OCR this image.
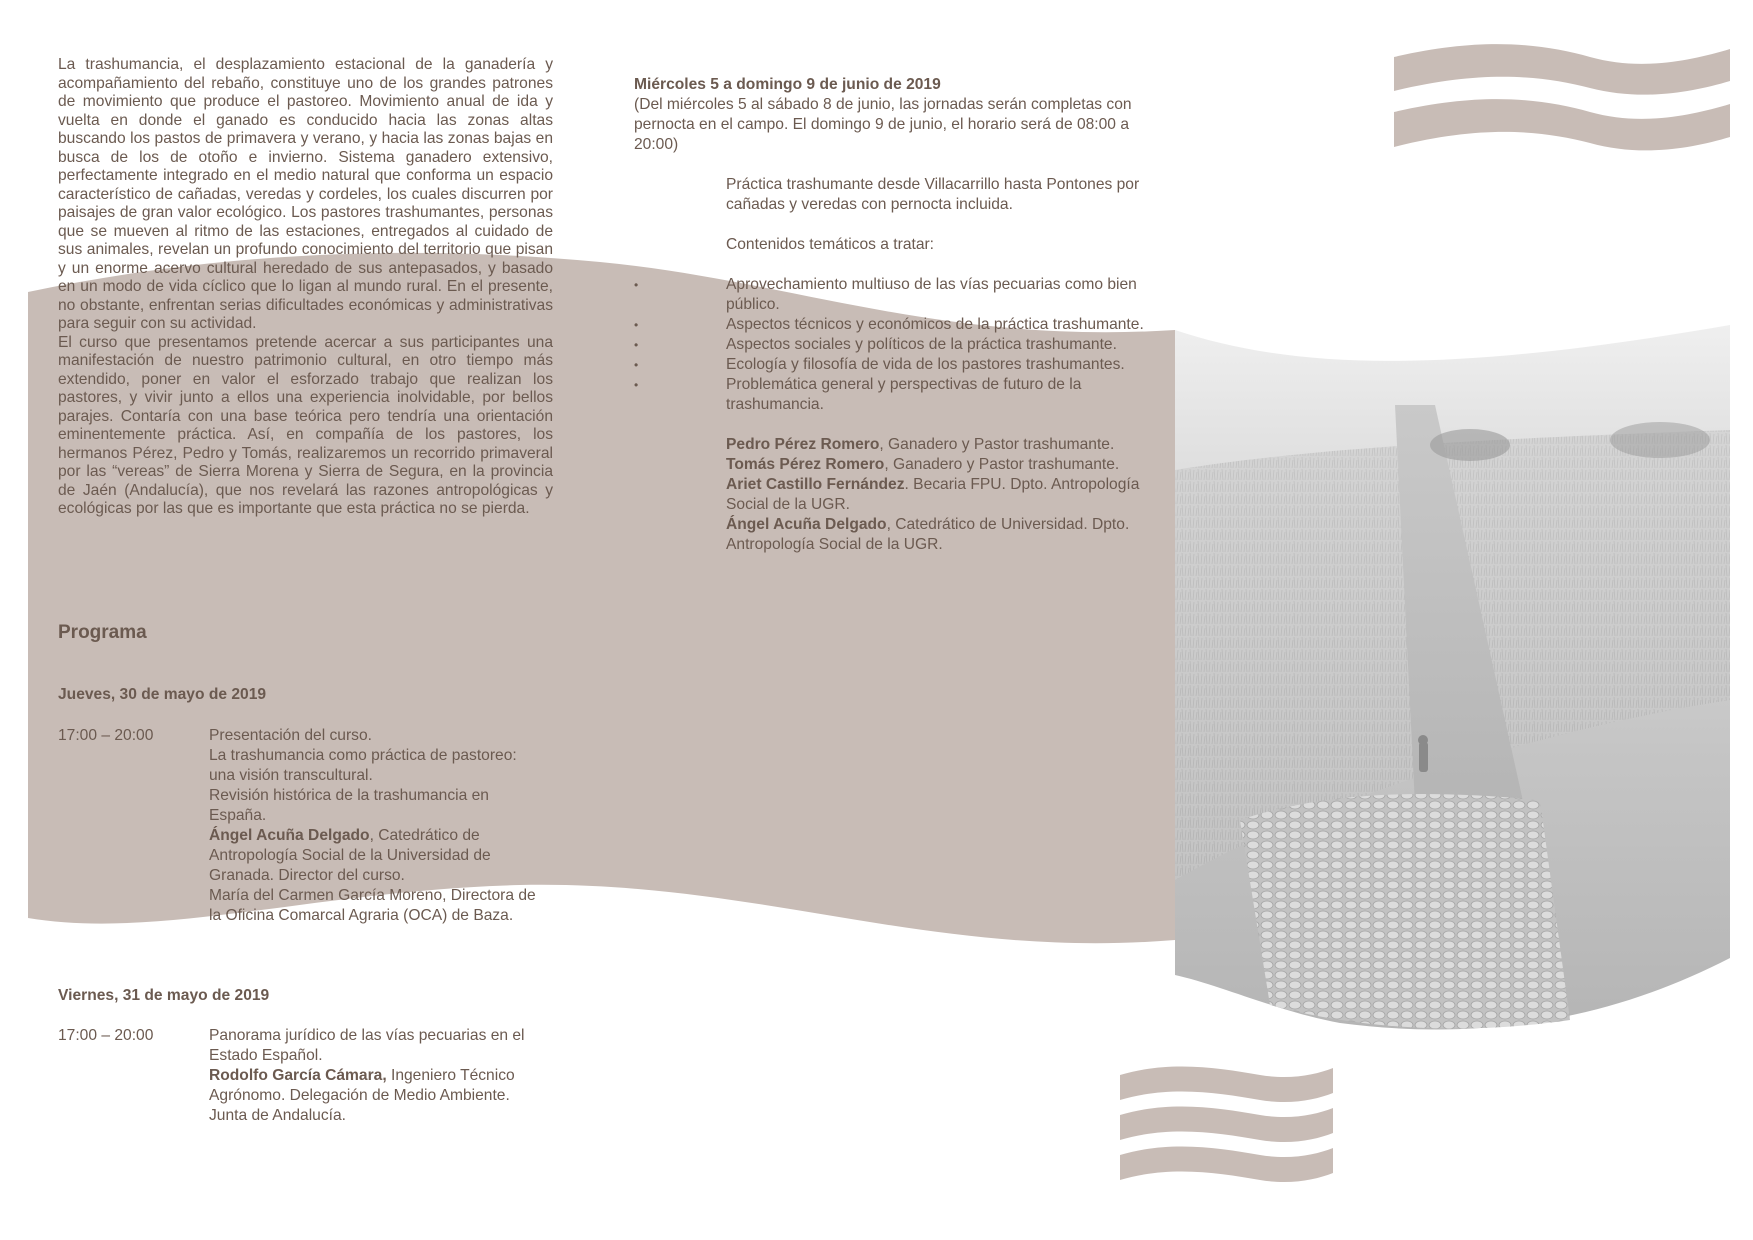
La trashumancia, el desplazamiento estacional de la ganadería y acompañamiento del rebaño, constituye uno de los grandes patrones de movimiento que produce el pastoreo. Movimiento anual de ida y vuelta en donde el ganado es conducido hacia las zonas altas buscando los pastos de primavera y verano, y hacia las zonas bajas en busca de los de otoño e invierno. Sistema ganadero extensivo, perfectamente integrado en el medio natural que conforma un espacio característico de cañadas, veredas y cordeles, los cuales discurren por paisajes de gran valor ecológico. Los pastores trashumantes, personas que se mueven al ritmo de las estaciones, entregados al cuidado de sus animales, revelan un profundo conocimiento del territorio que pisan y un enorme acervo cultural heredado de sus antepasados, y basado en un modo de vida cíclico que lo ligan al mundo rural. En el presente, no obstante, enfrentan serias dificultades económicas y administrativas para seguir con su actividad.

El curso que presentamos pretende acercar a sus participantes una manifestación de nuestro patrimonio cultural, en otro tiempo más extendido, poner en valor el esforzado trabajo que realizan los pastores, y vivir junto a ellos una experiencia inolvidable, por bellos parajes. Contaría con una base teórica pero tendría una orientación eminentemente práctica. Así, en compañía de los pastores, los hermanos Pérez, Pedro y Tomás, realizaremos un recorrido primaveral por las “vereas” de Sierra Morena y Sierra de Segura, en la provincia de Jaén (Andalucía), que nos revelará las razones antropológicas y ecológicas por las que es importante que esta práctica no se pierda.

Programa
Jueves, 30 de mayo de 2019
17:00 – 20:00	Presentación del curso.
La trashumancia como práctica de pastoreo: una visión transcultural.
Revisión histórica de la trashumancia en España.
Ángel Acuña Delgado, Catedrático de Antropología Social de la Universidad de Granada. Director del curso.
María del Carmen García Moreno, Directora de la Oficina Comarcal Agraria (OCA) de Baza.
Viernes, 31 de mayo de 2019
17:00 – 20:00	Panorama jurídico de las vías pecuarias en el Estado Español.
Rodolfo García Cámara, Ingeniero Técnico Agrónomo. Delegación de Medio Ambiente. Junta de Andalucía.
Miércoles 5 a domingo 9 de junio de 2019
(Del miércoles 5 al sábado 8 de junio, las jornadas serán completas con pernocta en el campo. El domingo 9 de junio, el horario será de 08:00 a 20:00)
Práctica trashumante desde Villacarrillo hasta Pontones por cañadas y veredas con pernocta incluida.
Contenidos temáticos a tratar:
•	Aprovechamiento multiuso de las vías pecuarias como bien público.
•	Aspectos técnicos y económicos de la práctica trashumante.
•	Aspectos sociales y políticos de la práctica trashumante.
•	Ecología y filosofía de vida de los pastores trashumantes.
•	Problemática general y perspectivas de futuro de la trashumancia.
Pedro Pérez Romero, Ganadero y Pastor trashumante.
Tomás Pérez Romero, Ganadero y Pastor trashumante.
Ariet Castillo Fernández. Becaria FPU. Dpto. Antropología Social de la UGR.
Ángel Acuña Delgado, Catedrático de Universidad. Dpto. Antropología Social de la UGR.
